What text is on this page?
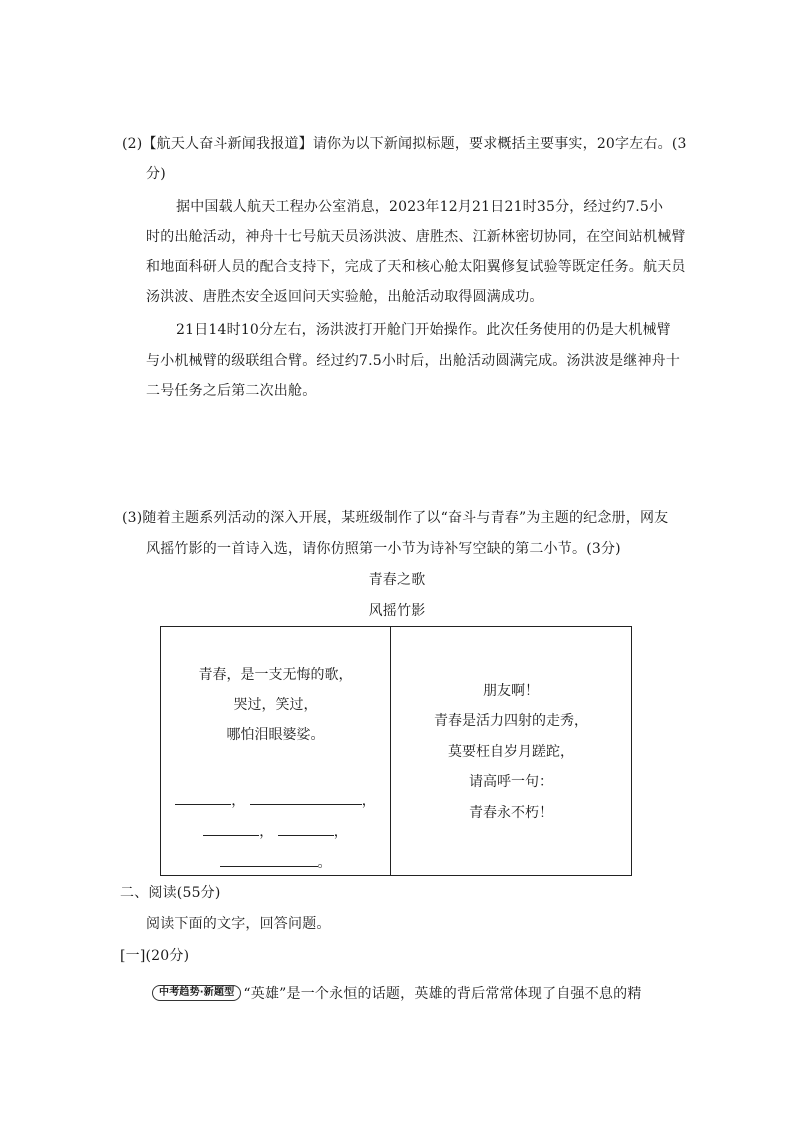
(2)【航天人奋斗新闻我报道】请你为以下新闻拟标题，要求概括主要事实，20字左右。(3
分)
据中国载人航天工程办公室消息，2023年12月21日21时35分，经过约7.5小
时的出舱活动，神舟十七号航天员汤洪波、唐胜杰、江新林密切协同，在空间站机械臂
和地面科研人员的配合支持下，完成了天和核心舱太阳翼修复试验等既定任务。航天员
汤洪波、唐胜杰安全返回问天实验舱，出舱活动取得圆满成功。
21日14时10分左右，汤洪波打开舱门开始操作。此次任务使用的仍是大机械臂
与小机械臂的级联组合臂。经过约7.5小时后，出舱活动圆满完成。汤洪波是继神舟十
二号任务之后第二次出舱。
(3)随着主题系列活动的深入开展，某班级制作了以“奋斗与青春”为主题的纪念册，网友
风摇竹影的一首诗入选，请你仿照第一小节为诗补写空缺的第二小节。(3分)
青春之歌
风摇竹影
青春，是一支无悔的歌，
哭过，笑过，
哪怕泪眼婆娑。
，	，
，	，
。
朋友啊！
青春是活力四射的走秀，
莫要枉自岁月蹉跎，
请高呼一句：
青春永不朽！
二、阅读(55分)
阅读下面的文字，回答问题。
[一](20分)
中考趋势·新题型 “英雄”是一个永恒的话题，英雄的背后常常体现了自强不息的精
